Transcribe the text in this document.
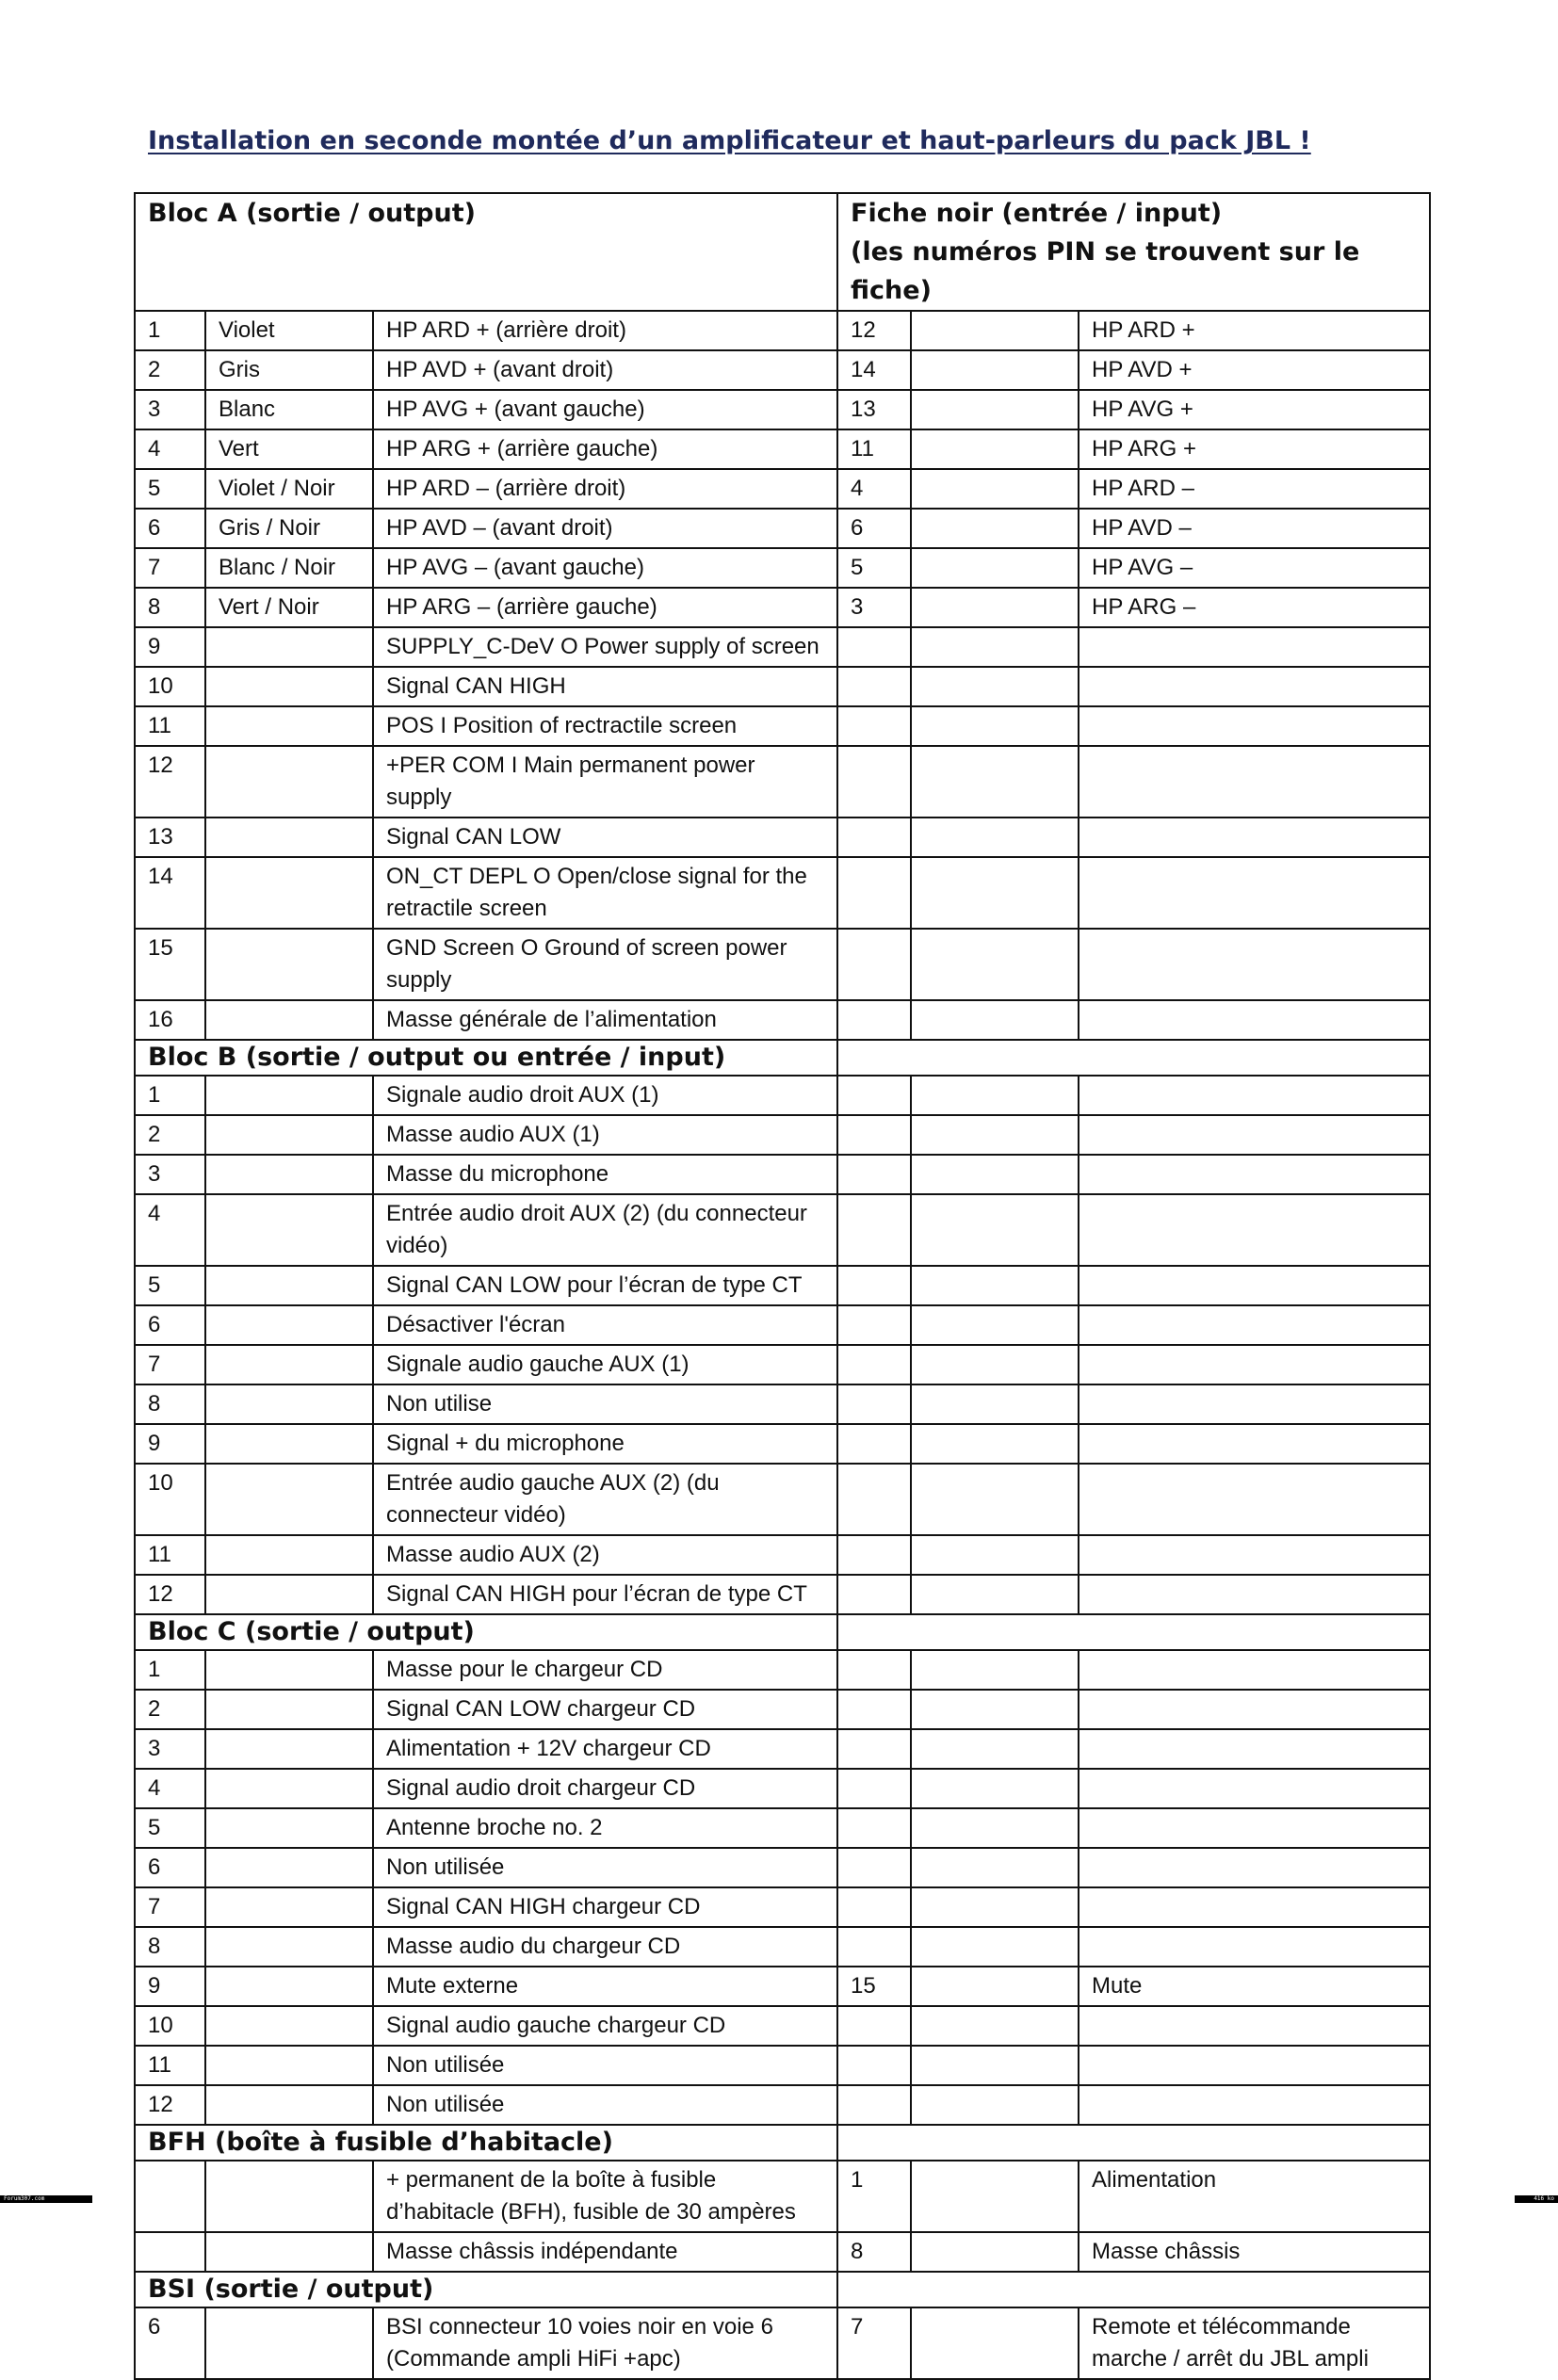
Installation en seconde montée d’un amplificateur et haut-parleurs du pack JBL !
Bloc A (sortie / output)			Fiche noir (entrée / input)
(les numéros PIN se trouvent sur le fiche)		

1	Violet	HP ARD + (arrière droit)	12		HP ARD +
2	Gris	HP AVD + (avant droit)	14		HP AVD +
3	Blanc	HP AVG + (avant gauche)	13		HP AVG +
4	Vert	HP ARG + (arrière gauche)	11		HP ARG +
5	Violet / Noir	HP ARD – (arrière droit)	4		HP ARD –
6	Gris / Noir	HP AVD – (avant droit)	6		HP AVD –
7	Blanc / Noir	HP AVG – (avant gauche)	5		HP AVG –
8	Vert / Noir	HP ARG – (arrière gauche)	3		HP ARG –
9		SUPPLY_C-DeV O Power supply of screen			
10		Signal CAN HIGH			
11		POS I Position of rectractile screen			
12		+PER COM I Main permanent power supply			
13		Signal CAN LOW			
14		ON_CT DEPL O Open/close signal for the retractile screen			
15		GND Screen O Ground of screen power supply			
16		Masse générale de l’alimentation			
Bloc B (sortie / output ou entrée / input)					
1		Signale audio droit AUX (1)			
2		Masse audio AUX (1)			
3		Masse du microphone			
4		Entrée audio droit AUX (2) (du connecteur vidéo)			
5		Signal CAN LOW pour l’écran de type CT			
6		Désactiver l'écran			
7		Signale audio gauche AUX (1)			
8		Non utilise			
9		Signal + du microphone			
10		Entrée audio gauche AUX (2) (du connecteur vidéo)			
11		Masse audio AUX (2)			
12		Signal CAN HIGH pour l’écran de type CT			
Bloc C (sortie / output)					
1		Masse pour le chargeur CD			
2		Signal CAN LOW chargeur CD			
3		Alimentation + 12V chargeur CD			
4		Signal audio droit chargeur CD			
5		Antenne broche no. 2			
6		Non utilisée			
7		Signal CAN HIGH chargeur CD			
8		Masse audio du chargeur CD			
9		Mute externe	15		Mute
10		Signal audio gauche chargeur CD			
11		Non utilisée			
12		Non utilisée			
BFH (boîte à fusible d’habitacle)					
		+ permanent de la boîte à fusible d’habitacle (BFH), fusible de 30 ampères	1		Alimentation
		Masse châssis indépendante	8		Masse châssis
BSI (sortie / output)					
6		BSI connecteur 10 voies noir en voie 6 (Commande ampli HiFi +apc)	7		Remote et télécommande marche / arrêt du JBL ampli
Forum307.com	416 ko
